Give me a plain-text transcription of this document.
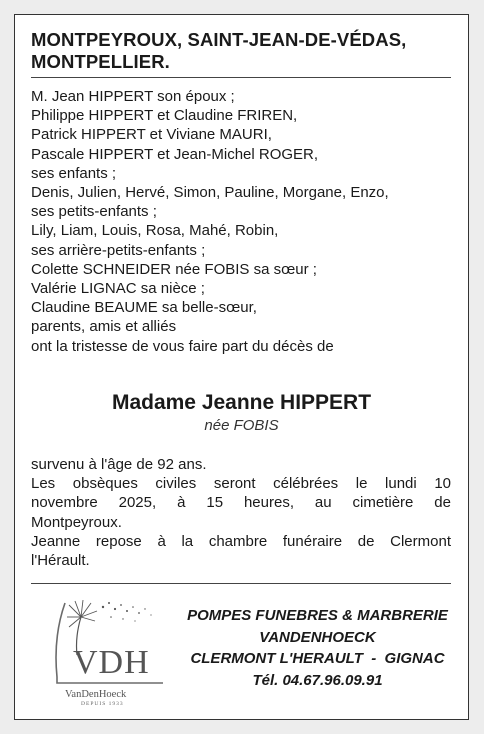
MONTPEYROUX, SAINT-JEAN-DE-VÉDAS,
MONTPELLIER.
M. Jean HIPPERT son époux ;
Philippe HIPPERT et Claudine FRIREN,
Patrick HIPPERT et Viviane MAURI,
Pascale HIPPERT et Jean-Michel ROGER,
ses enfants ;
Denis, Julien, Hervé, Simon, Pauline, Morgane, Enzo,
ses petits-enfants ;
Lily, Liam, Louis, Rosa, Mahé, Robin,
ses arrière-petits-enfants ;
Colette SCHNEIDER née FOBIS sa sœur ;
Valérie LIGNAC sa nièce ;
Claudine BEAUME sa belle-sœur,
parents, amis et alliés
ont la tristesse de vous faire part du décès de
Madame Jeanne HIPPERT
née FOBIS

survenu à l'âge de 92 ans.

Les obsèques civiles seront célébrées le lundi 10

novembre 2025, à 15 heures, au cimetière de

Montpeyroux.

Jeanne repose à la chambre funéraire de Clermont

l'Hérault.

VDH
VanDenHoeck
DEPUIS 1933
POMPES FUNEBRES & MARBRERIE
VANDENHOECK
CLERMONT L'HERAULT  -  GIGNAC
Tél. 04.67.96.09.91
